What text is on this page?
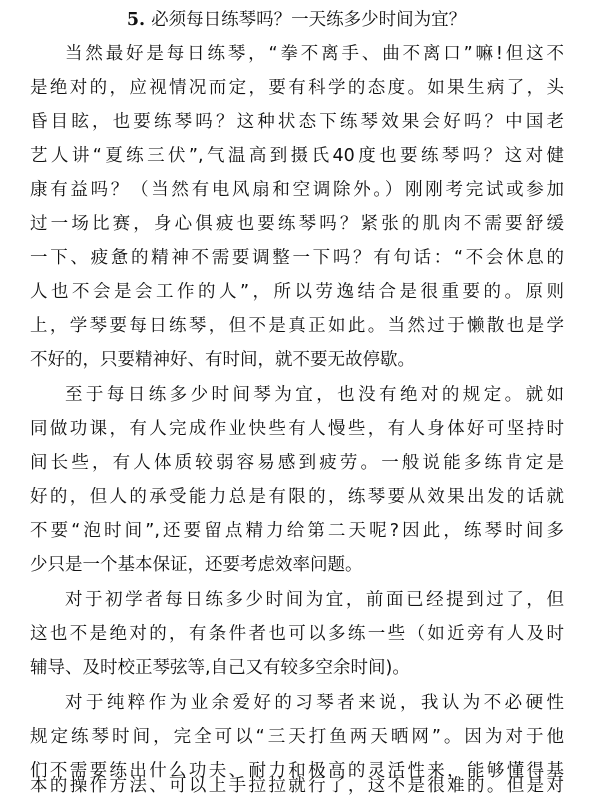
5. 必须每日练琴吗？一天练多少时间为宜？
当然最好是每日练琴，“拳不离手、曲不离口”嘛!但这不
是绝对的，应视情况而定，要有科学的态度。如果生病了，头
昏目眩，也要练琴吗？这种状态下练琴效果会好吗？中国老
艺人讲“夏练三伏”,气温高到摄氏40度也要练琴吗？这对健
康有益吗？（当然有电风扇和空调除外。）刚刚考完试或参加
过一场比赛，身心俱疲也要练琴吗？紧张的肌肉不需要舒缓
一下、疲惫的精神不需要调整一下吗？有句话：“不会休息的
人也不会是会工作的人”，所以劳逸结合是很重要的。原则
上，学琴要每日练琴，但不是真正如此。当然过于懒散也是学
不好的，只要精神好、有时间，就不要无故停歇。
至于每日练多少时间琴为宜，也没有绝对的规定。就如
同做功课，有人完成作业快些有人慢些，有人身体好可坚持时
间长些，有人体质较弱容易感到疲劳。一般说能多练肯定是
好的，但人的承受能力总是有限的，练琴要从效果出发的话就
不要“泡时间”,还要留点精力给第二天呢?因此，练琴时间多
少只是一个基本保证，还要考虑效率问题。
对于初学者每日练多少时间为宜，前面已经提到过了，但
这也不是绝对的，有条件者也可以多练一些（如近旁有人及时
辅导、及时校正琴弦等,自己又有较多空余时间)。
对于纯粹作为业余爱好的习琴者来说，我认为不必硬性
规定练琴时间，完全可以“三天打鱼两天晒网”。因为对于他
们不需要练出什么功夫、耐力和极高的灵活性来，能够懂得基
本的操作方法、可以上手拉拉就行了，这不是很难的。但是对
